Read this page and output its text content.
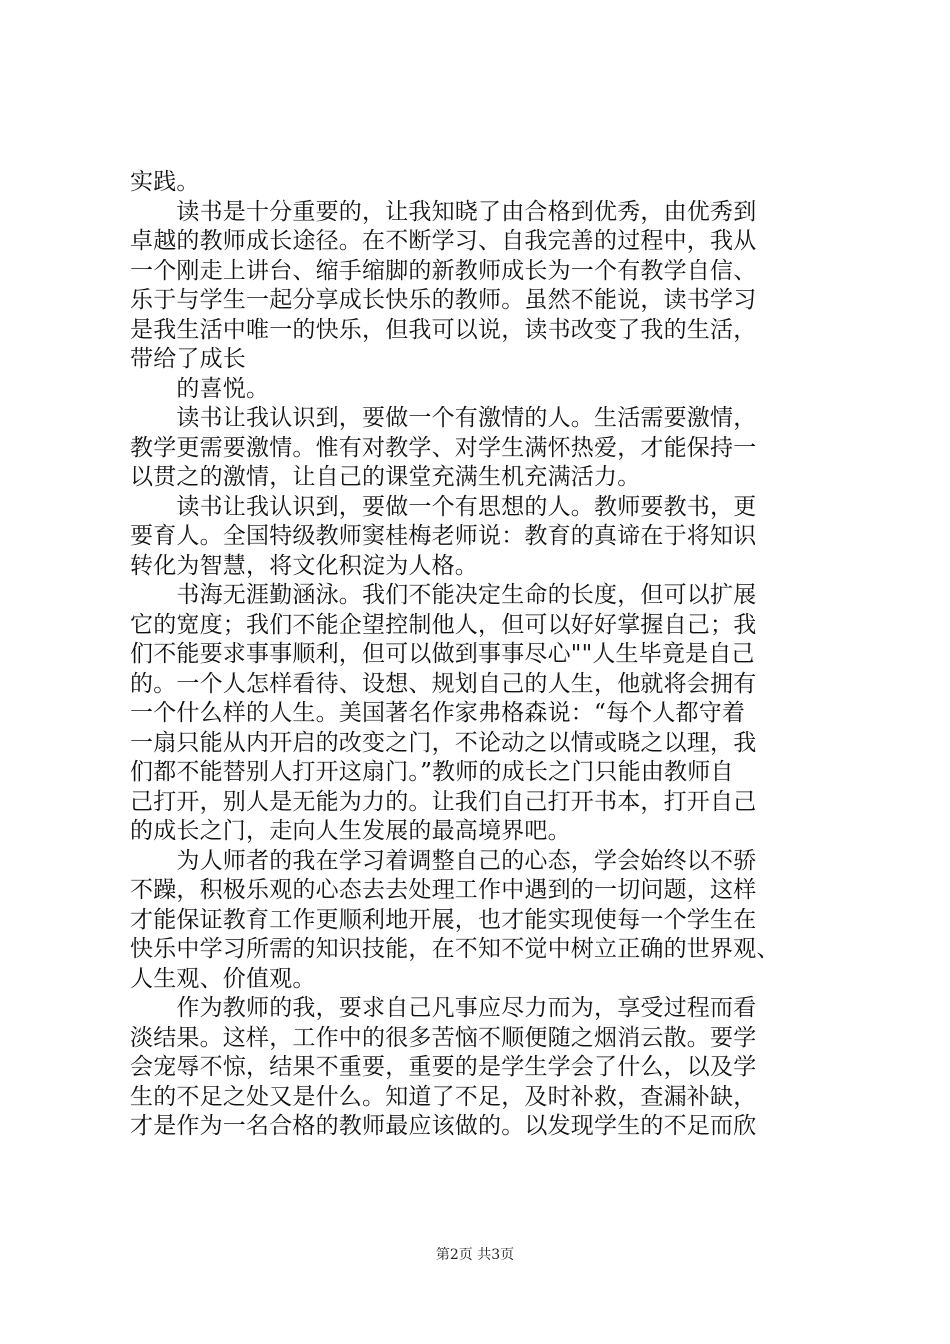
实践。
　　读书是十分重要的，让我知晓了由合格到优秀，由优秀到
卓越的教师成长途径。在不断学习、自我完善的过程中，我从
一个刚走上讲台、缩手缩脚的新教师成长为一个有教学自信、
乐于与学生一起分享成长快乐的教师。虽然不能说，读书学习
是我生活中唯一的快乐，但我可以说，读书改变了我的生活，
带给了成长
　　的喜悦。
　　读书让我认识到，要做一个有激情的人。生活需要激情，
教学更需要激情。惟有对教学、对学生满怀热爱，才能保持一
以贯之的激情，让自己的课堂充满生机充满活力。
　　读书让我认识到，要做一个有思想的人。教师要教书，更
要育人。全国特级教师窦桂梅老师说：教育的真谛在于将知识
转化为智慧，将文化积淀为人格。
　　书海无涯勤涵泳。我们不能决定生命的长度，但可以扩展
它的宽度；我们不能企望控制他人，但可以好好掌握自己；我
们不能要求事事顺利，但可以做到事事尽心""人生毕竟是自己
的。一个人怎样看待、设想、规划自己的人生，他就将会拥有
一个什么样的人生。美国著名作家弗格森说：“每个人都守着
一扇只能从内开启的改变之门，不论动之以情或晓之以理，我
们都不能替别人打开这扇门。”教师的成长之门只能由教师自
己打开，别人是无能为力的。让我们自己打开书本，打开自己
的成长之门，走向人生发展的最高境界吧。
　　为人师者的我在学习着调整自己的心态，学会始终以不骄
不躁，积极乐观的心态去去处理工作中遇到的一切问题，这样
才能保证教育工作更顺利地开展，也才能实现使每一个学生在
快乐中学习所需的知识技能，在不知不觉中树立正确的世界观、
人生观、价值观。
　　作为教师的我，要求自己凡事应尽力而为，享受过程而看
淡结果。这样，工作中的很多苦恼不顺便随之烟消云散。要学
会宠辱不惊，结果不重要，重要的是学生学会了什么，以及学
生的不足之处又是什么。知道了不足，及时补救，查漏补缺，
才是作为一名合格的教师最应该做的。以发现学生的不足而欣
第2页 共3页
